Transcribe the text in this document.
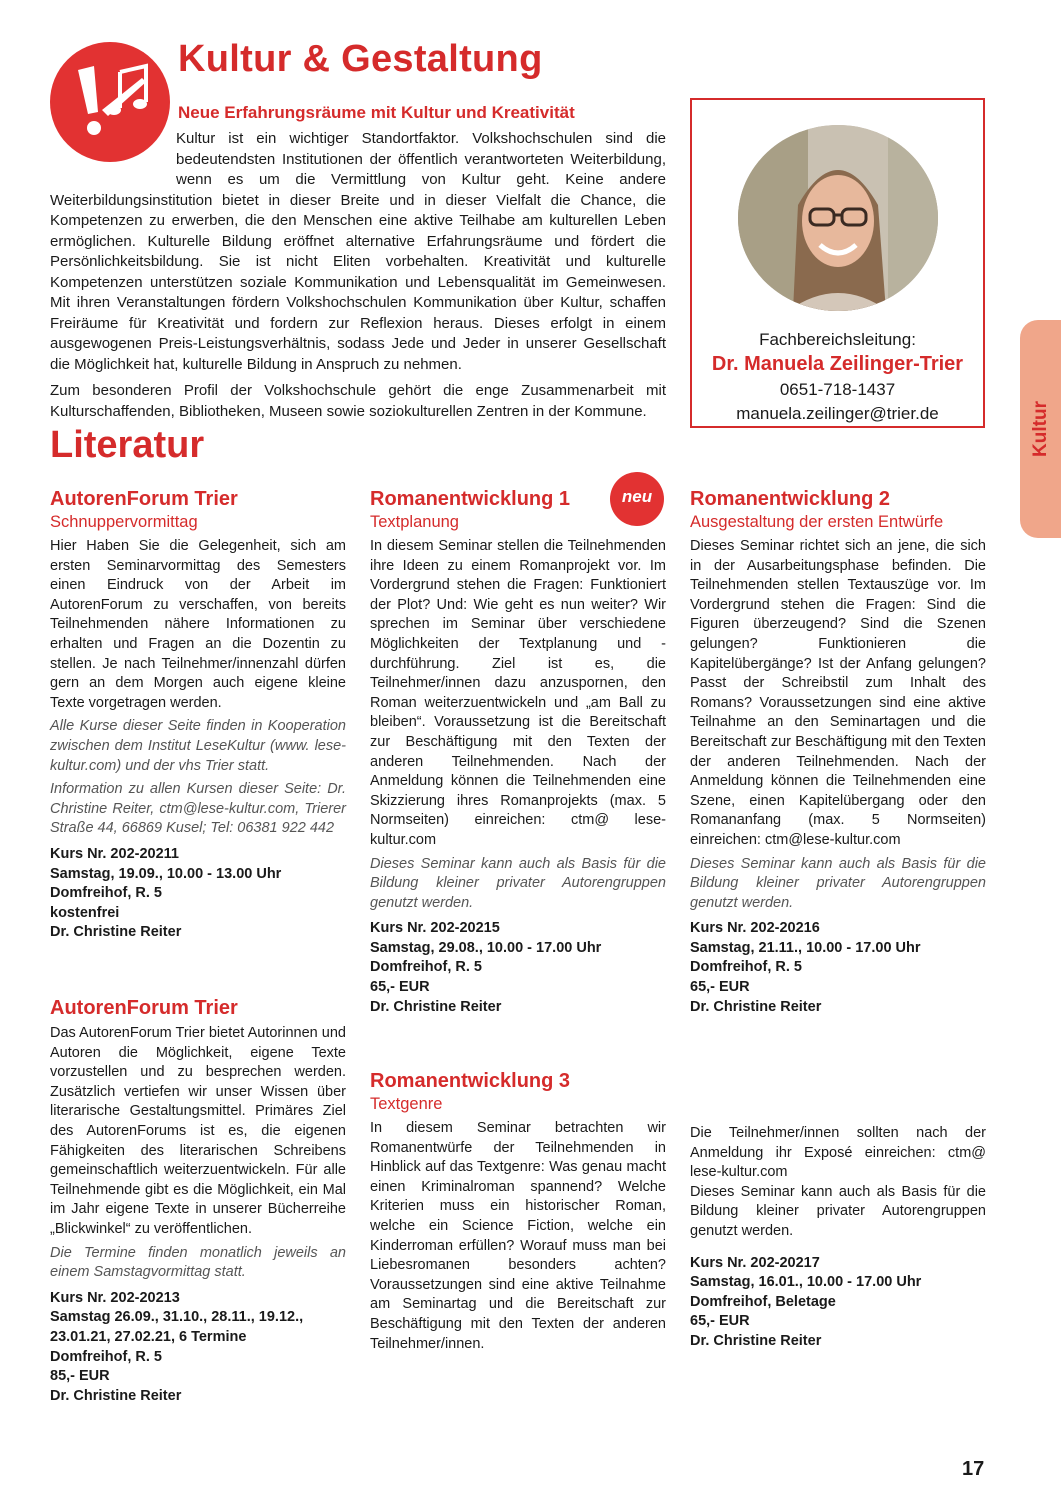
Kultur & Gestaltung
Neue Erfahrungsräume mit Kultur und Kreativität

Kultur ist ein wichtiger Standortfaktor. Volkshochschulen sind die bedeutendsten Institutionen der öffentlich verantworteten Weiterbildung, wenn es um die Vermittlung von Kultur geht. Keine andere Weiterbildungsinstitution bietet in dieser Breite und in dieser Vielfalt die Chance, die Kompetenzen zu erwerben, die den Menschen eine aktive Teilhabe am kulturellen Leben ermöglichen. Kulturelle Bildung eröffnet alternative Erfahrungsräume und fördert die Persönlichkeitsbildung. Sie ist nicht Eliten vorbehalten. Kreativität und kulturelle Kompetenzen unterstützen soziale Kommunikation und Lebensqualität im Gemeinwesen. Mit ihren Veranstaltungen fördern Volkshochschulen Kommunikation über Kultur, schaffen Freiräume für Kreativität und fordern zur Reflexion heraus. Dieses erfolgt in einem ausgewogenen Preis-Leistungsverhältnis, sodass Jede und Jeder in unserer Gesellschaft die Möglichkeit hat, kulturelle Bildung in Anspruch zu nehmen.

Zum besonderen Profil der Volkshochschule gehört die enge Zusammenarbeit mit Kulturschaffenden, Bibliotheken, Museen sowie soziokulturellen Zentren in der Kommune.

Fachbereichsleitung:
Dr. Manuela Zeilinger-Trier
0651-718-1437
manuela.zeilinger@trier.de	Kultur
Literatur
AutorenForum Trier
Schnuppervormittag

Hier Haben Sie die Gelegenheit, sich am ersten Seminarvormittag des Semesters einen Eindruck von der Arbeit im AutorenForum zu verschaffen, von bereits Teilnehmenden nähere Informationen zu erhalten und Fragen an die Dozentin zu stellen. Je nach Teilnehmer/innenzahl dürfen gern an dem Morgen auch eigene kleine Texte vorgetragen werden.

Alle Kurse dieser Seite finden in Kooperation zwischen dem Institut LeseKultur (www. lese-kultur.com) und der vhs Trier statt.

Information zu allen Kursen dieser Seite: Dr. Christine Reiter, ctm@lese-kultur.com, Trierer Straße 44, 66869 Kusel; Tel: 06381 922 442

Kurs Nr. 202-20211
Samstag, 19.09., 10.00 - 13.00 Uhr
Domfreihof, R. 5
kostenfrei
Dr. Christine Reiter
AutorenForum Trier

Das AutorenForum Trier bietet Autorinnen und Autoren die Möglichkeit, eigene Texte vorzustellen und zu besprechen werden. Zusätzlich vertiefen wir unser Wissen über literarische Gestaltungsmittel. Primäres Ziel des AutorenForums ist es, die eigenen Fähigkeiten des literarischen Schreibens gemeinschaftlich weiterzuentwickeln. Für alle Teilnehmende gibt es die Möglichkeit, ein Mal im Jahr eigene Texte in unserer Bücherreihe „Blickwinkel“ zu veröffentlichen.

Die Termine finden monatlich jeweils an einem Samstagvormittag statt.

Kurs Nr. 202-20213
Samstag 26.09., 31.10., 28.11., 19.12.,
23.01.21, 27.02.21, 6 Termine
Domfreihof, R. 5
85,- EUR
Dr. Christine Reiter
neu
Romanentwicklung 1
Textplanung

In diesem Seminar stellen die Teilnehmenden ihre Ideen zu einem Romanprojekt vor. Im Vordergrund stehen die Fragen: Funktioniert der Plot? Und: Wie geht es nun weiter? Wir sprechen im Seminar über verschiedene Möglichkeiten der Textplanung und -durchführung. Ziel ist es, die Teilnehmer/innen dazu anzuspornen, den Roman weiterzuentwickeln und „am Ball zu bleiben“. Voraussetzung ist die Bereitschaft zur Beschäftigung mit den Texten der anderen Teilnehmenden. Nach der Anmeldung können die Teilnehmenden eine Skizzierung ihres Romanprojekts (max. 5 Normseiten) einreichen: ctm@ lese-kultur.com

Dieses Seminar kann auch als Basis für die Bildung kleiner privater Autorengruppen genutzt werden.

Kurs Nr. 202-20215
Samstag, 29.08., 10.00 - 17.00 Uhr
Domfreihof, R. 5
65,- EUR
Dr. Christine Reiter
Romanentwicklung 2
Ausgestaltung der ersten Entwürfe

Dieses Seminar richtet sich an jene, die sich in der Ausarbeitungsphase befinden. Die Teilnehmenden stellen Textauszüge vor. Im Vordergrund stehen die Fragen: Sind die Figuren überzeugend? Sind die Szenen gelungen? Funktionieren die Kapitelübergänge? Ist der Anfang gelungen? Passt der Schreibstil zum Inhalt des Romans? Voraussetzungen sind eine aktive Teilnahme an den Seminartagen und die Bereitschaft zur Beschäftigung mit den Texten der anderen Teilnehmenden. Nach der Anmeldung können die Teilnehmenden eine Szene, einen Kapitelübergang oder den Romananfang (max. 5 Normseiten) einreichen: ctm@lese-kultur.com

Dieses Seminar kann auch als Basis für die Bildung kleiner privater Autorengruppen genutzt werden.

Kurs Nr. 202-20216
Samstag, 21.11., 10.00 - 17.00 Uhr
Domfreihof, R. 5
65,- EUR
Dr. Christine Reiter
Romanentwicklung 3
Textgenre

In diesem Seminar betrachten wir Romanentwürfe der Teilnehmenden in Hinblick auf das Textgenre: Was genau macht einen Kriminalroman spannend? Welche Kriterien muss ein historischer Roman, welche ein Science Fiction, welche ein Kinderroman erfüllen? Worauf muss man bei Liebesromanen besonders achten? Voraussetzungen sind eine aktive Teilnahme am Seminartag und die Bereitschaft zur Beschäftigung mit den Texten der anderen Teilnehmer/innen.

Die Teilnehmer/innen sollten nach der Anmeldung ihr Exposé einreichen: ctm@ lese-kultur.com

Dieses Seminar kann auch als Basis für die Bildung kleiner privater Autorengruppen genutzt werden.

Kurs Nr. 202-20217
Samstag, 16.01., 10.00 - 17.00 Uhr
Domfreihof, Beletage
65,- EUR
Dr. Christine Reiter
17
